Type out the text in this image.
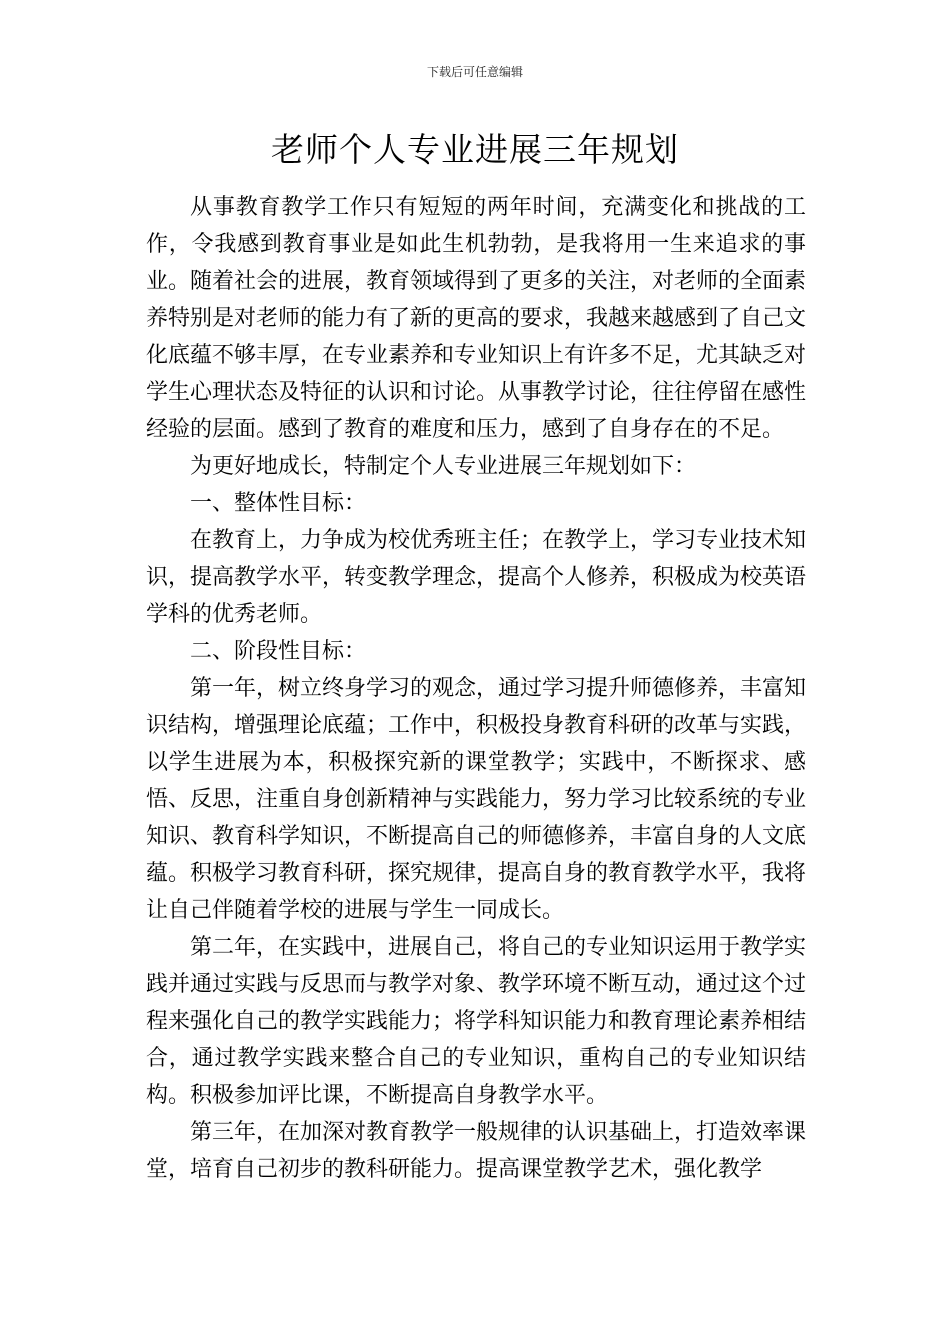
下载后可任意编辑
老师个人专业进展三年规划

从事教育教学工作只有短短的两年时间，充满变化和挑战的工作，令我感到教育事业是如此生机勃勃，是我将用一生来追求的事业。随着社会的进展，教育领域得到了更多的关注，对老师的全面素养特别是对老师的能力有了新的更高的要求，我越来越感到了自己文化底蕴不够丰厚，在专业素养和专业知识上有许多不足，尤其缺乏对学生心理状态及特征的认识和讨论。从事教学讨论，往往停留在感性经验的层面。感到了教育的难度和压力，感到了自身存在的不足。

为更好地成长，特制定个人专业进展三年规划如下：

一、整体性目标：

在教育上，力争成为校优秀班主任；在教学上，学习专业技术知识，提高教学水平，转变教学理念，提高个人修养，积极成为校英语学科的优秀老师。

二、阶段性目标：

第一年，树立终身学习的观念，通过学习提升师德修养，丰富知识结构，增强理论底蕴；工作中，积极投身教育科研的改革与实践，以学生进展为本，积极探究新的课堂教学；实践中，不断探求、感悟、反思，注重自身创新精神与实践能力，努力学习比较系统的专业知识、教育科学知识，不断提高自己的师德修养，丰富自身的人文底蕴。积极学习教育科研，探究规律，提高自身的教育教学水平，我将让自己伴随着学校的进展与学生一同成长。

第二年，在实践中，进展自己，将自己的专业知识运用于教学实践并通过实践与反思而与教学对象、教学环境不断互动，通过这个过程来强化自己的教学实践能力；将学科知识能力和教育理论素养相结合，通过教学实践来整合自己的专业知识，重构自己的专业知识结构。积极参加评比课，不断提高自身教学水平。

第三年，在加深对教育教学一般规律的认识基础上，打造效率课堂，培育自己初步的教科研能力。提高课堂教学艺术，强化教学
